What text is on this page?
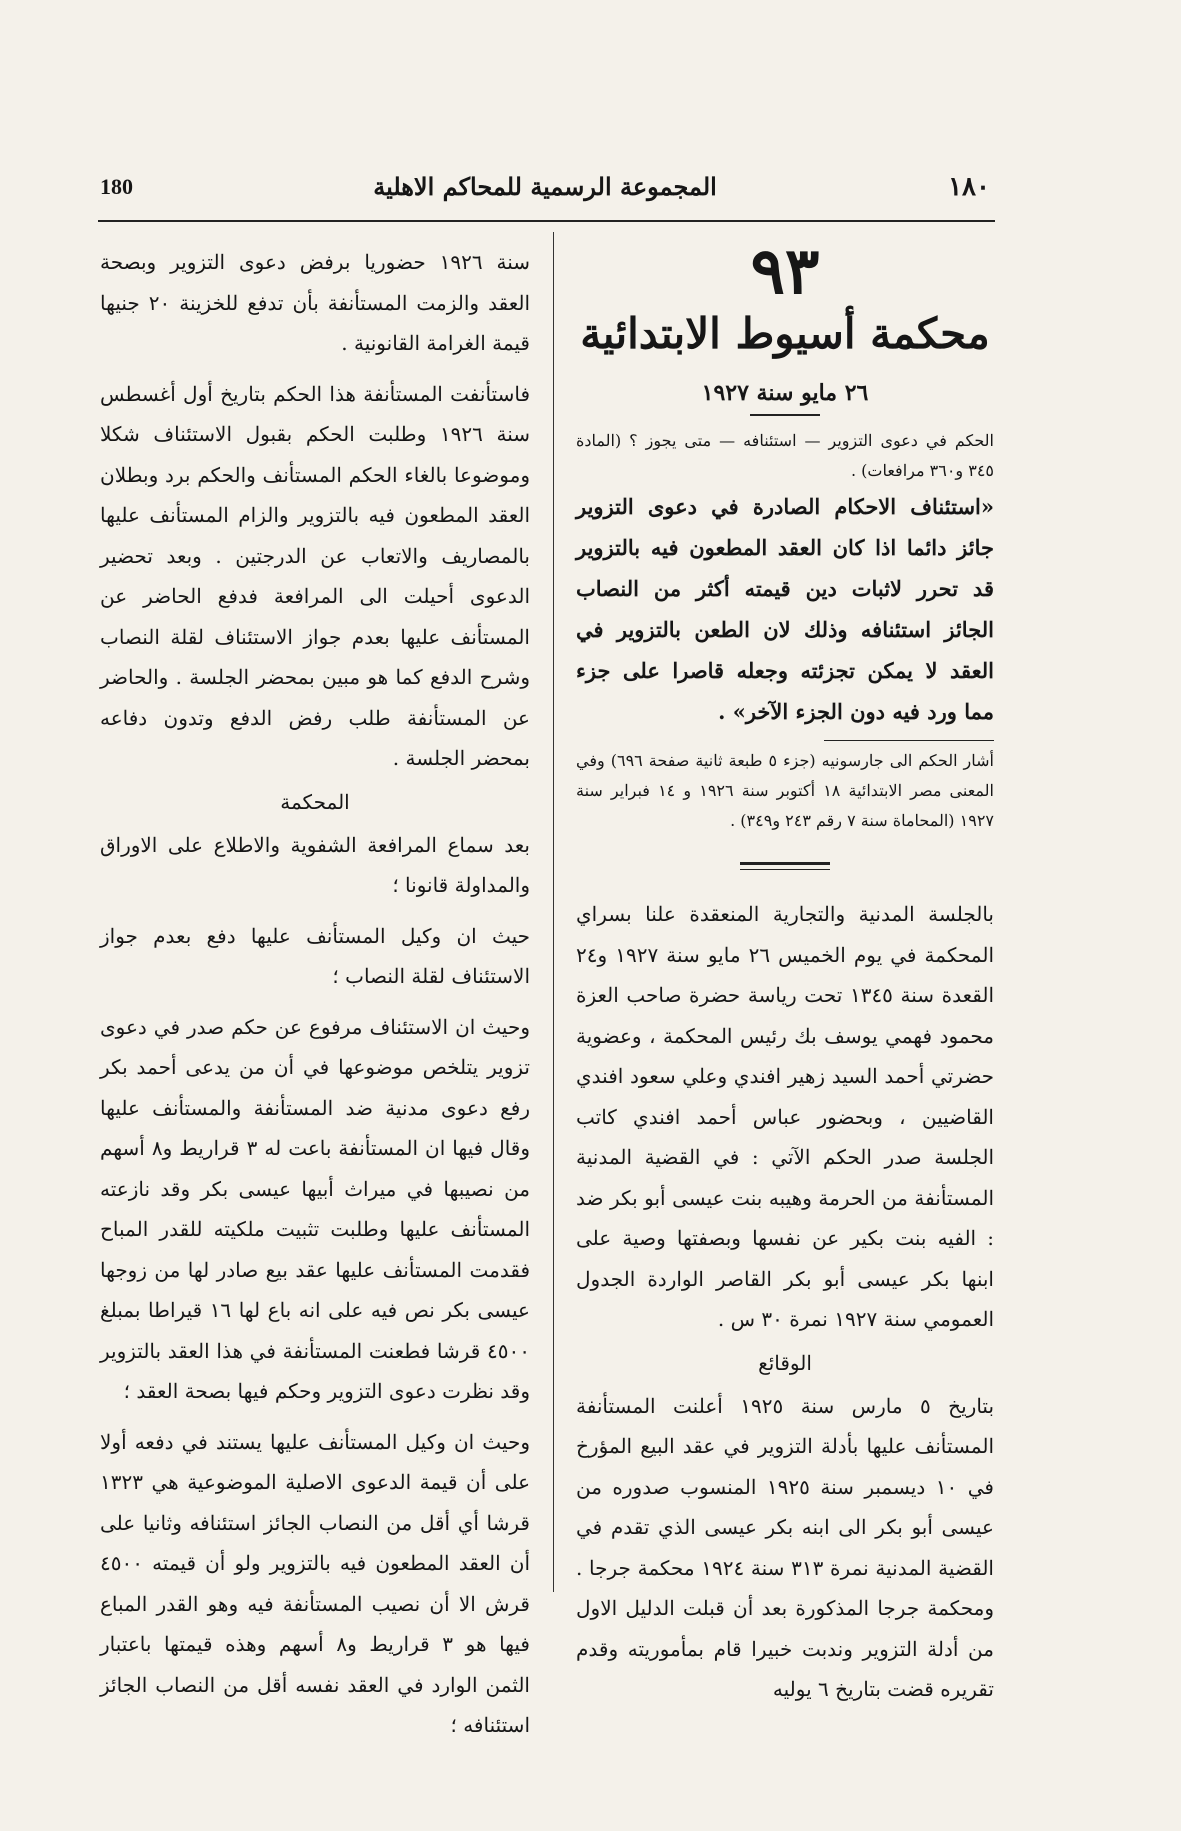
١٨٠
المجموعة الرسمية للمحاكم الاهلية
180
٩٣
محكمة أسيوط الابتدائية
٢٦ مايو سنة ١٩٢٧

الحكم في دعوى التزوير — استئنافه — متى يجوز ؟ (المادة ٣٤٥ و٣٦٠ مرافعات) .

«استئناف الاحكام الصادرة في دعوى التزوير جائز دائما اذا كان العقد المطعون فيه بالتزوير قد تحرر لاثبات دين قيمته أكثر من النصاب الجائز استئنافه وذلك لان الطعن بالتزوير في العقد لا يمكن تجزئته وجعله قاصرا على جزء مما ورد فيه دون الجزء الآخر» .

أشار الحكم الى جارسونيه (جزء ٥ طبعة ثانية صفحة ٦٩٦) وفي المعنى مصر الابتدائية ١٨ أكتوبر سنة ١٩٢٦ و ١٤ فبراير سنة ١٩٢٧ (المحاماة سنة ٧ رقم ٢٤٣ و٣٤٩) .

بالجلسة المدنية والتجارية المنعقدة علنا بسراي المحكمة في يوم الخميس ٢٦ مايو سنة ١٩٢٧ و٢٤ القعدة سنة ١٣٤٥ تحت رياسة حضرة صاحب العزة محمود فهمي يوسف بك رئيس المحكمة ، وعضوية حضرتي أحمد السيد زهير افندي وعلي سعود افندي القاضيين ، وبحضور عباس أحمد افندي كاتب الجلسة صدر الحكم الآتي : في القضية المدنية المستأنفة من الحرمة وهيبه بنت عيسى أبو بكر ضد : الفيه بنت بكير عن نفسها وبصفتها وصية على ابنها بكر عيسى أبو بكر القاصر الواردة الجدول العمومي سنة ١٩٢٧ نمرة ٣٠ س .

الوقائع

بتاريخ ٥ مارس سنة ١٩٢٥ أعلنت المستأنفة المستأنف عليها بأدلة التزوير في عقد البيع المؤرخ في ١٠ ديسمبر سنة ١٩٢٥ المنسوب صدوره من عيسى أبو بكر الى ابنه بكر عيسى الذي تقدم في القضية المدنية نمرة ٣١٣ سنة ١٩٢٤ محكمة جرجا . ومحكمة جرجا المذكورة بعد أن قبلت الدليل الاول من أدلة التزوير وندبت خبيرا قام بمأموريته وقدم تقريره قضت بتاريخ ٦ يوليه

سنة ١٩٢٦ حضوريا برفض دعوى التزوير وبصحة العقد والزمت المستأنفة بأن تدفع للخزينة ٢٠ جنيها قيمة الغرامة القانونية .

فاستأنفت المستأنفة هذا الحكم بتاريخ أول أغسطس سنة ١٩٢٦ وطلبت الحكم بقبول الاستئناف شكلا وموضوعا بالغاء الحكم المستأنف والحكم برد وبطلان العقد المطعون فيه بالتزوير والزام المستأنف عليها بالمصاريف والاتعاب عن الدرجتين . وبعد تحضير الدعوى أحيلت الى المرافعة فدفع الحاضر عن المستأنف عليها بعدم جواز الاستئناف لقلة النصاب وشرح الدفع كما هو مبين بمحضر الجلسة . والحاضر عن المستأنفة طلب رفض الدفع وتدون دفاعه بمحضر الجلسة .

المحكمة

بعد سماع المرافعة الشفوية والاطلاع على الاوراق والمداولة قانونا ؛

حيث ان وكيل المستأنف عليها دفع بعدم جواز الاستئناف لقلة النصاب ؛

وحيث ان الاستئناف مرفوع عن حكم صدر في دعوى تزوير يتلخص موضوعها في أن من يدعى أحمد بكر رفع دعوى مدنية ضد المستأنفة والمستأنف عليها وقال فيها ان المستأنفة باعت له ٣ قراريط و٨ أسهم من نصيبها في ميراث أبيها عيسى بكر وقد نازعته المستأنف عليها وطلبت تثبيت ملكيته للقدر المباح فقدمت المستأنف عليها عقد بيع صادر لها من زوجها عيسى بكر نص فيه على انه باع لها ١٦ قيراطا بمبلغ ٤٥٠٠ قرشا فطعنت المستأنفة في هذا العقد بالتزوير وقد نظرت دعوى التزوير وحكم فيها بصحة العقد ؛

وحيث ان وكيل المستأنف عليها يستند في دفعه أولا على أن قيمة الدعوى الاصلية الموضوعية هي ١٣٢٣ قرشا أي أقل من النصاب الجائز استئنافه وثانيا على أن العقد المطعون فيه بالتزوير ولو أن قيمته ٤٥٠٠ قرش الا أن نصيب المستأنفة فيه وهو القدر المباع فيها هو ٣ قراريط و٨ أسهم وهذه قيمتها باعتبار الثمن الوارد في العقد نفسه أقل من النصاب الجائز استئنافه ؛
